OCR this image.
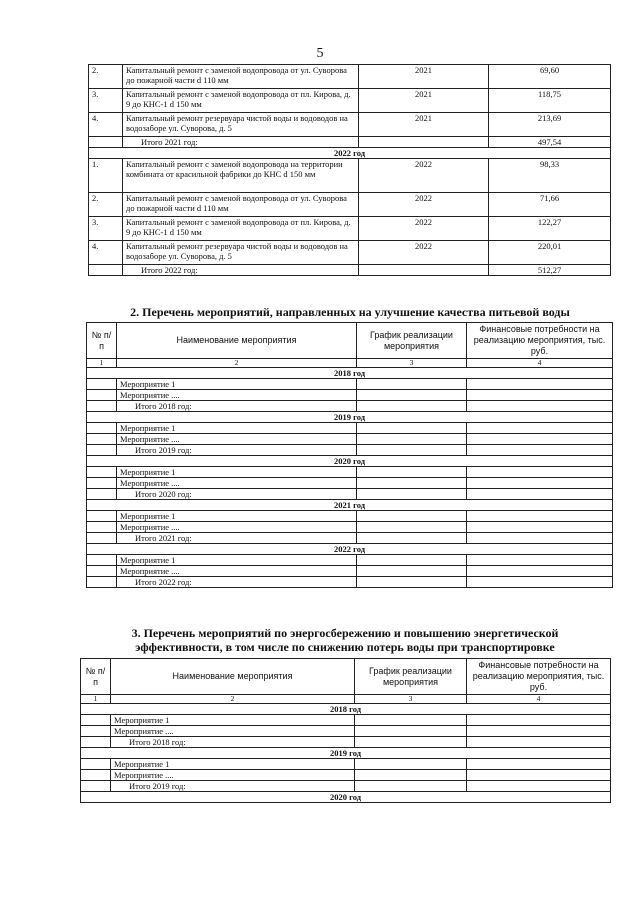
5
2.	Капитальный ремонт с заменой водопровода от ул. Суворова до пожарной части d 110 мм	2021	69,60
3.	Капитальный ремонт с заменой водопровода от пл. Кирова, д. 9 до КНС-1 d 150 мм	2021	118,75
4.	Капитальный ремонт резервуара чистой воды и водоводов на водозаборе ул. Суворова, д. 5	2021	213,69
	Итого 2021 год:		497,54
2022 год			
1.	Капитальный ремонт с заменой водопровода на территории комбината от красильной фабрики до КНС d 150 мм	2022	98,33
2.	Капитальный ремонт с заменой водопровода от ул. Суворова до пожарной части d 110 мм	2022	71,66
3.	Капитальный ремонт с заменой водопровода от пл. Кирова, д. 9 до КНС-1 d 150 мм	2022	122,27
4.	Капитальный ремонт резервуара чистой воды и водоводов на водозаборе ул. Суворова, д. 5	2022	220,01
	Итого 2022 год:		512,27
2. Перечень мероприятий, направленных на улучшение качества питьевой воды
№ п/п	Наименование мероприятия	График реализации мероприятия	Финансовые потребности на реализацию мероприятия, тыс. руб.
1	2	3	4
2018 год			
	Мероприятие 1		
	Мероприятие ....		
	Итого 2018 год:		
2019 год			
	Мероприятие 1		
	Мероприятие ....		
	Итого 2019 год:		
2020 год			
	Мероприятие 1		
	Мероприятие ....		
	Итого 2020 год:		
2021 год			
	Мероприятие 1		
	Мероприятие ....		
	Итого 2021 год:		
2022 год			
	Мероприятие 1		
	Мероприятие ....		
	Итого 2022 год:		
3. Перечень мероприятий по энергосбережению и повышению энергетической
эффективности, в том числе по снижению потерь воды при транспортировке
№ п/п	Наименование мероприятия	График реализации мероприятия	Финансовые потребности на реализацию мероприятия, тыс. руб.
1	2	3	4
2018 год			
	Мероприятие 1		
	Мероприятие ....		
	Итого 2018 год:		
2019 год			
	Мероприятие 1		
	Мероприятие ....		
	Итого 2019 год:		
2020 год			
